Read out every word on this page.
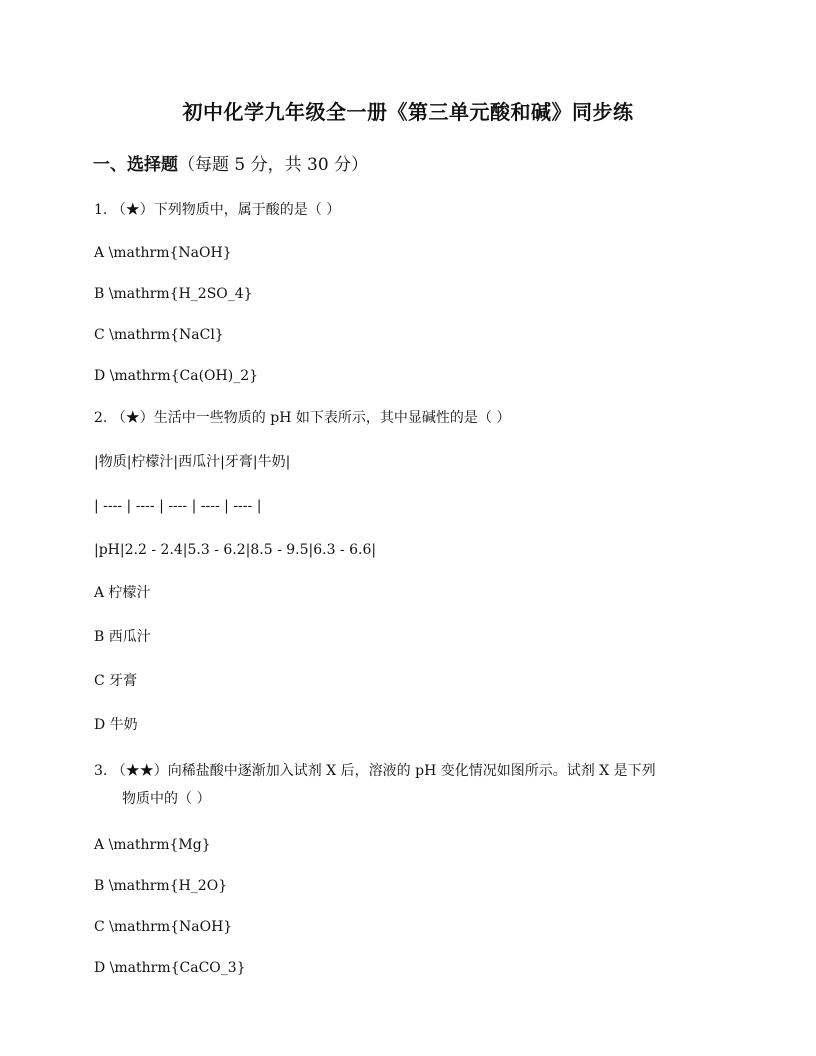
初中化学九年级全一册《第三单元酸和碱》同步练
一、选择题（每题 5 分，共 30 分）
1. （★）下列物质中，属于酸的是（ ）
A \mathrm{NaOH}
B \mathrm{H_2SO_4}
C \mathrm{NaCl}
D \mathrm{Ca(OH)_2}
2. （★）生活中一些物质的 pH 如下表所示，其中显碱性的是（ ）
|物质|柠檬汁|西瓜汁|牙膏|牛奶|
| ---- | ---- | ---- | ---- | ---- |
|pH|2.2 - 2.4|5.3 - 6.2|8.5 - 9.5|6.3 - 6.6|
A 柠檬汁
B 西瓜汁
C 牙膏
D 牛奶
3. （★★）向稀盐酸中逐渐加入试剂 X 后，溶液的 pH 变化情况如图所示。试剂 X 是下列
物质中的（ ）
A \mathrm{Mg}
B \mathrm{H_2O}
C \mathrm{NaOH}
D \mathrm{CaCO_3}
